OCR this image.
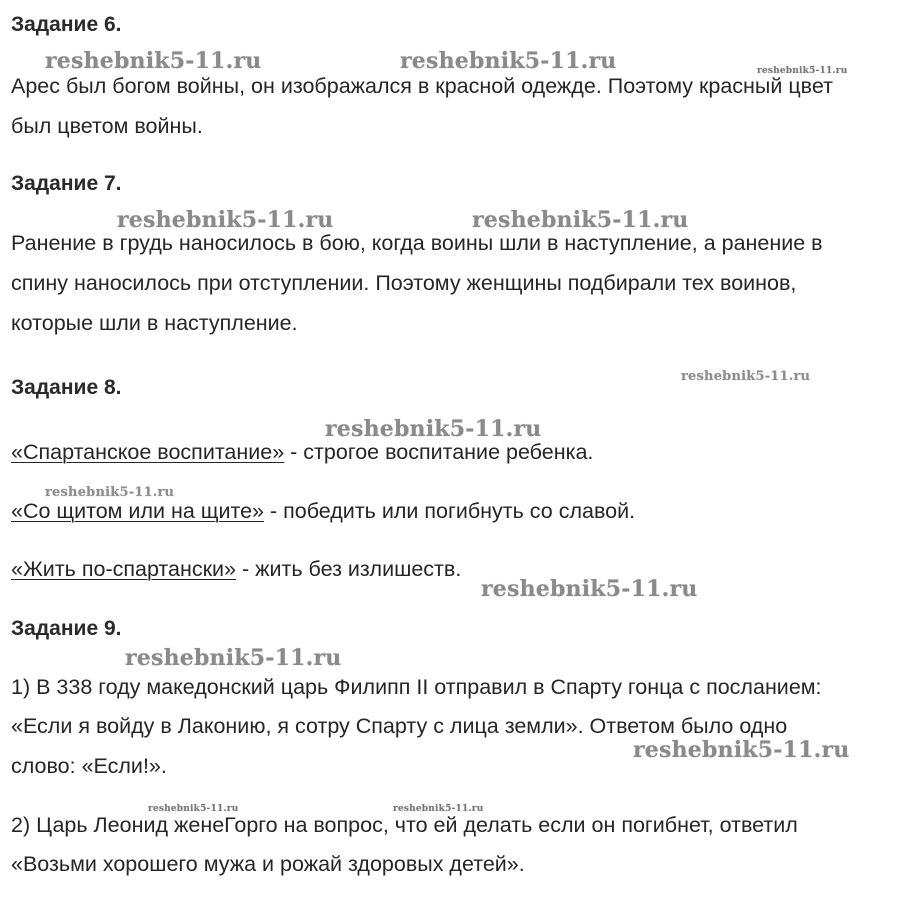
Задание 6.
Арес был богом войны, он изображался в красной одежде. Поэтому красный цвет
был цветом войны.
Задание 7.
Ранение в грудь наносилось в бою, когда воины шли в наступление, а ранение в
спину наносилось при отступлении. Поэтому женщины подбирали тех воинов,
которые шли в наступление.
Задание 8.
«Спартанское воспитание» - строгое воспитание ребенка.
«Со щитом или на щите» - победить или погибнуть со славой.
«Жить по-спартански» - жить без излишеств.
Задание 9.
1) В 338 году македонский царь Филипп II отправил в Спарту гонца с посланием:
«Если я войду в Лаконию, я сотру Спарту с лица земли». Ответом было одно
слово: «Если!».
2) Царь Леонид женеГорго на вопрос, что ей делать если он погибнет, ответил
«Возьми хорошего мужа и рожай здоровых детей».
reshebnik5-11.ru	reshebnik5-11.ru	reshebnik5-11.ru
reshebnik5-11.ru	reshebnik5-11.ru
reshebnik5-11.ru
reshebnik5-11.ru
reshebnik5-11.ru
reshebnik5-11.ru
reshebnik5-11.ru
reshebnik5-11.ru
reshebnik5-11.ru	reshebnik5-11.ru
